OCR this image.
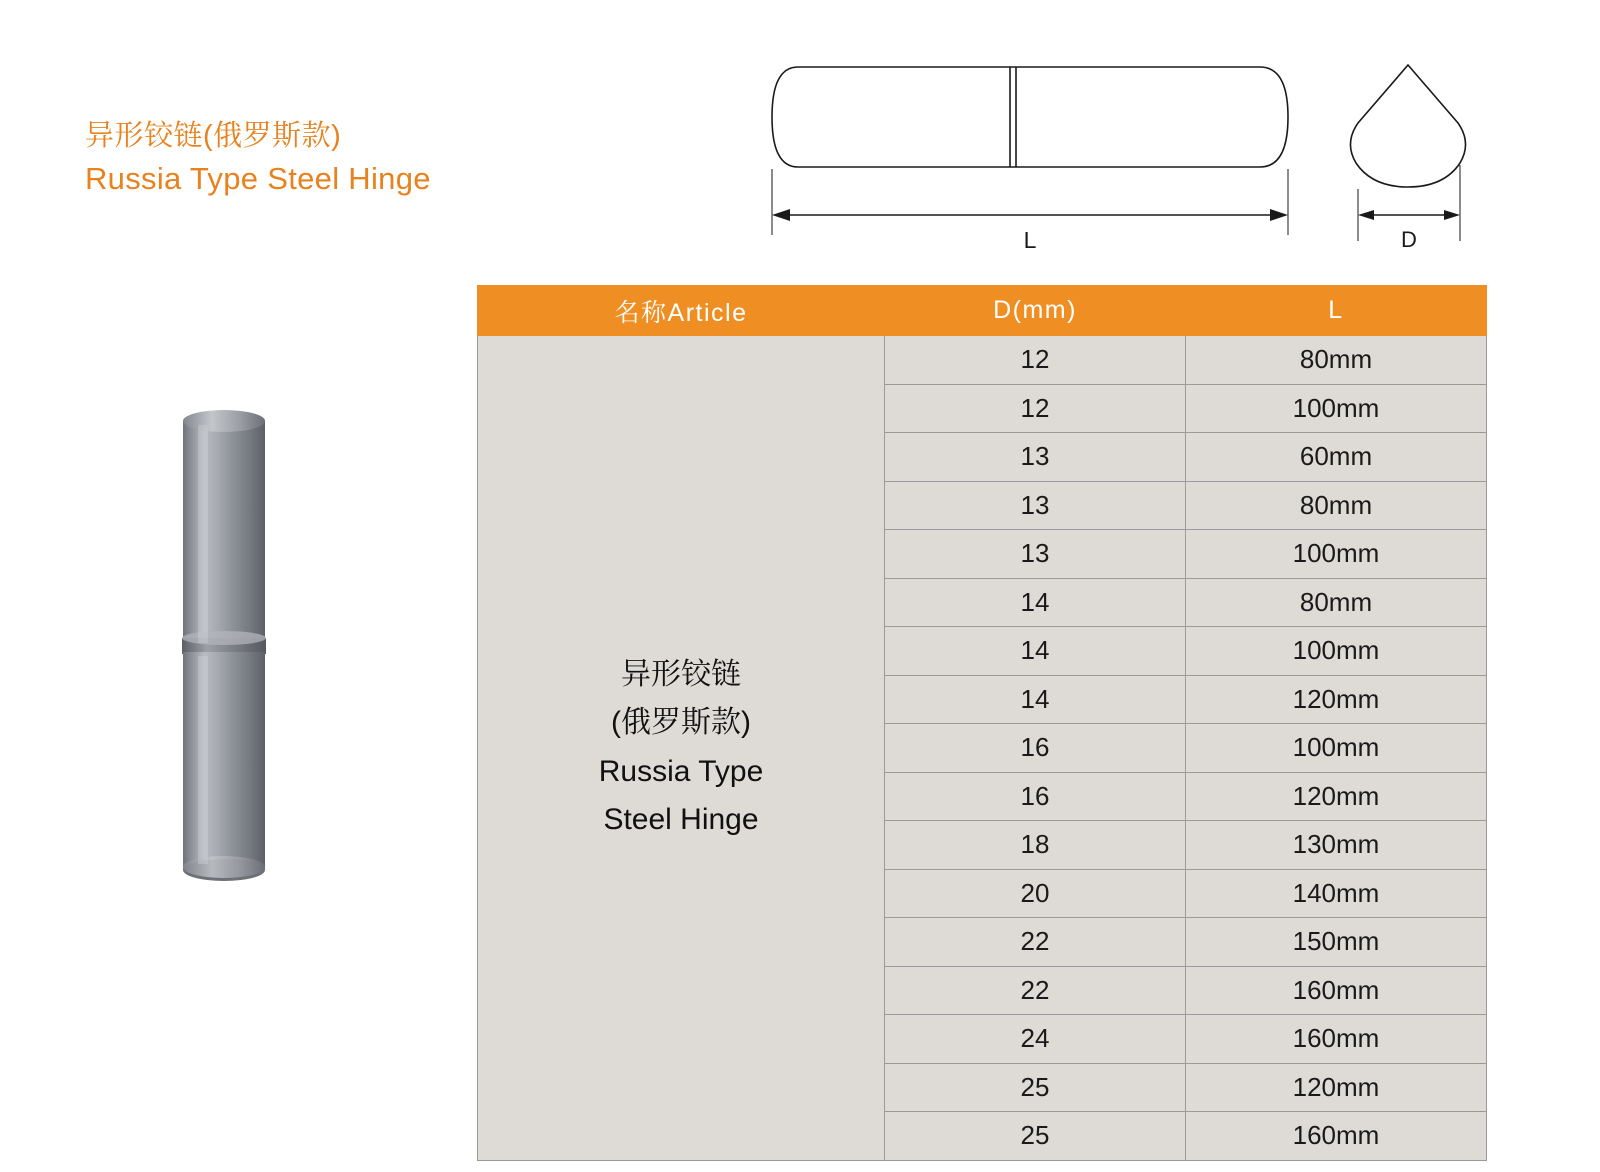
异形铰链(俄罗斯款)
Russia Type Steel Hinge
L	D
名称Article	D(mm)	L

异形铰链
(俄罗斯款)
Russia Type
Steel Hinge	12	80mm
	12	100mm
	13	60mm
	13	80mm
	13	100mm
	14	80mm
	14	100mm
	14	120mm
	16	100mm
	16	120mm
	18	130mm
	20	140mm
	22	150mm
	22	160mm
	24	160mm
	25	120mm
	25	160mm
